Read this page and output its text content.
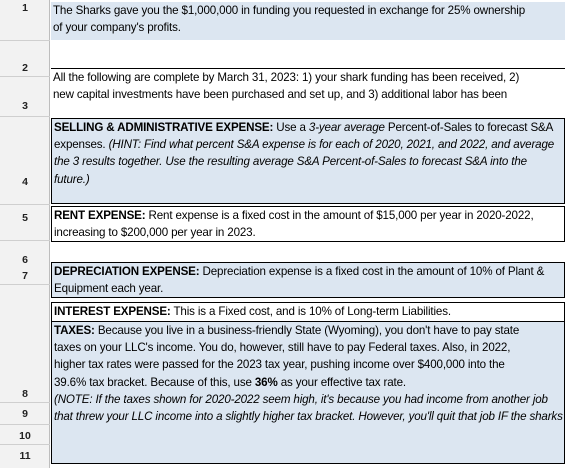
1
2
3
4
5
6
7
8
9
10
11
The Sharks gave you the $1,000,000 in funding you requested in exchange for 25% ownership
of your company's profits.
All the following are complete by March 31, 2023: 1) your shark funding has been received, 2)
new capital investments have been purchased and set up, and 3) additional labor has been
SELLING & ADMINISTRATIVE EXPENSE: Use a 3-year average Percent-of-Sales to forecast S&A
expenses. (HINT: Find what percent S&A expense is for each of 2020, 2021, and 2022, and average
the 3 results together. Use the resulting average S&A Percent-of-Sales to forecast S&A into the
future.)
RENT EXPENSE: Rent expense is a fixed cost in the amount of $15,000 per year in 2020-2022,
increasing to $200,000 per year in 2023.
DEPRECIATION EXPENSE: Depreciation expense is a fixed cost in the amount of 10% of Plant &
Equipment each year.
INTEREST EXPENSE: This is a Fixed cost, and is 10% of Long-term Liabilities.
TAXES: Because you live in a business-friendly State (Wyoming), you don't have to pay state
taxes on your LLC's income. You do, however, still have to pay Federal taxes. Also, in 2022,
higher tax rates were passed for the 2023 tax year, pushing income over $400,000 into the
39.6% tax bracket. Because of this, use 36% as your effective tax rate.
(NOTE: If the taxes shown for 2020-2022 seem high, it's because you had income from another job
that threw your LLC income into a slightly higher tax bracket. However, you'll quit that job IF the sharks
